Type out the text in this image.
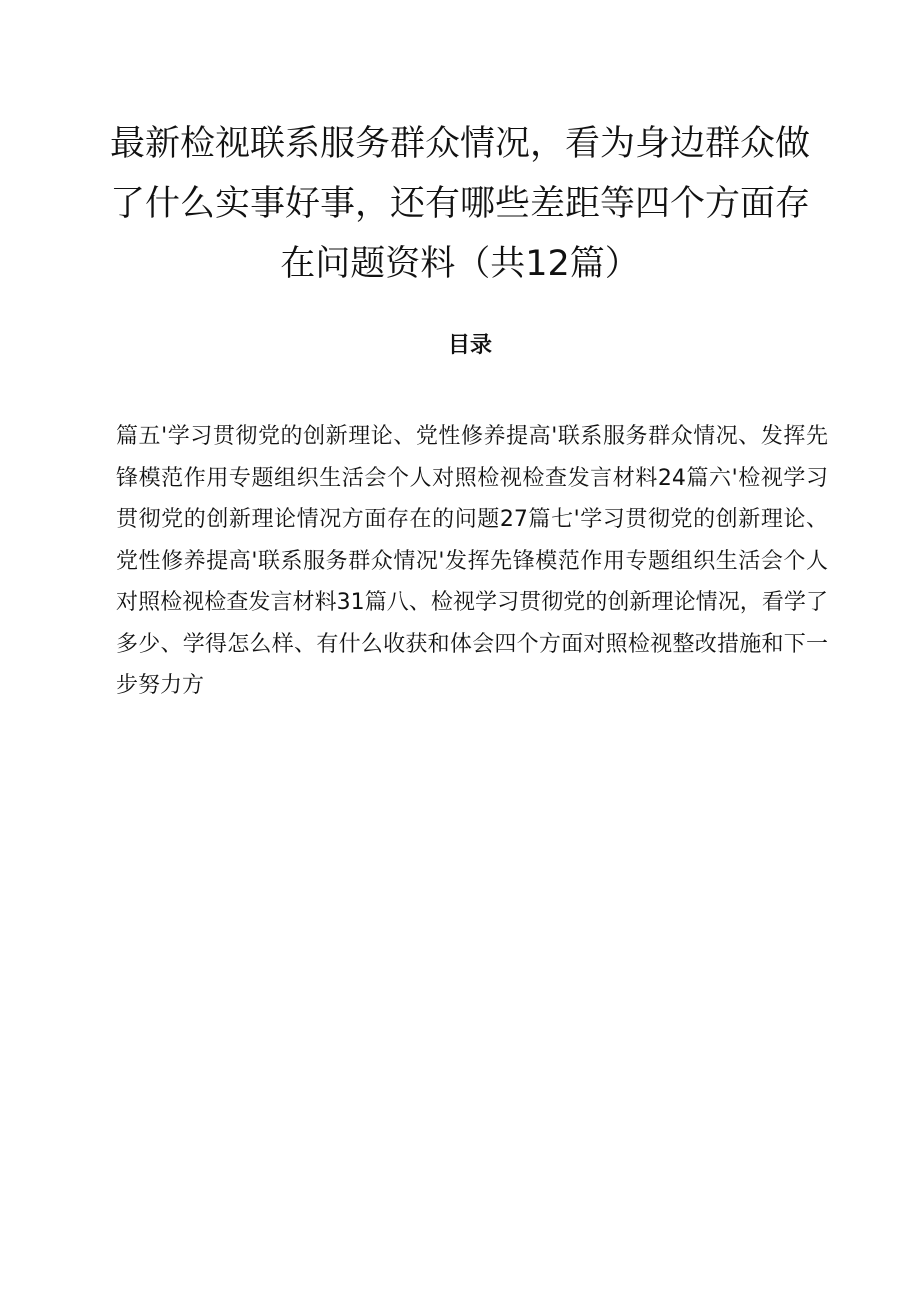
最新检视联系服务群众情况，看为身边群众做了什么实事好事，还有哪些差距等四个方面存在问题资料（共12篇）
目录

篇五'学习贯彻党的创新理论、党性修养提高'联系服务群众情况、发挥先锋模范作用专题组织生活会个人对照检视检查发言材料24篇六'检视学习贯彻党的创新理论情况方面存在的问题27篇七'学习贯彻党的创新理论、党性修养提高'联系服务群众情况'发挥先锋模范作用专题组织生活会个人对照检视检查发言材料31篇八、检视学习贯彻党的创新理论情况，看学了多少、学得怎么样、有什么收获和体会四个方面对照检视整改措施和下一步努力方
